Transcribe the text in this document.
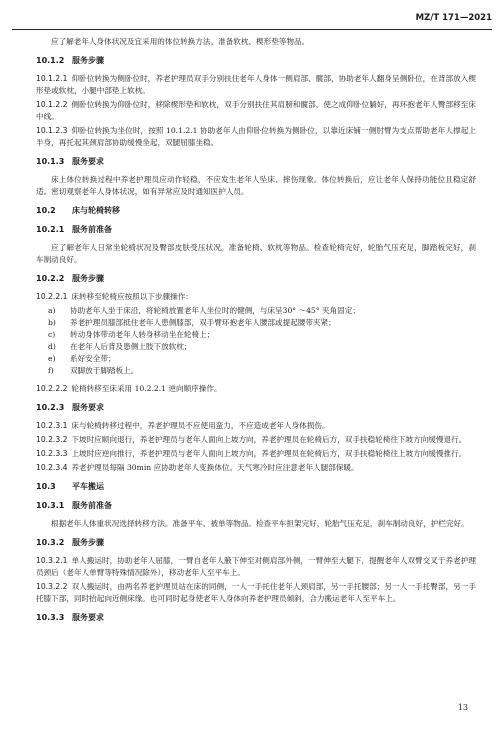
MZ/T 171—2021

应了解老年人身体状况及宜采用的体位转换方法。准备软枕、楔形垫等物品。

10.1.2 服务步骤
10.1.2.1 仰卧位转换为侧卧位时，养老护理员双手分别扶住老年人身体一侧肩部、髋部，协助老年人翻身呈侧卧位，在背部放入楔形垫或软枕，小腿中部垫上软枕。
10.1.2.2 侧卧位转换为仰卧位时，移除楔形垫和软枕，双手分别扶住其肩膀和髋部，使之成仰卧位躺好，再环抱老年人臀部移至床中线。
10.1.2.3 仰卧位转换为坐位时，按照 10.1.2.1 协助老年人由仰卧位转换为侧卧位，以靠近床铺一侧肘臂为支点帮助老年人撑起上半身，再托起其颈肩部协助缓慢坐起，双腿屈膝坐稳。
10.1.3 服务要求

床上体位转换过程中养老护理员应动作轻稳，不应发生老年人坠床、摔伤现象。体位转换后，应让老年人保持功能位且稳定舒适。密切观察老年人身体状况，如有异常应及时通知医护人员。

10.2 床与轮椅转移
10.2.1 服务前准备

应了解老年人日常坐轮椅状况及臀部皮肤受压状况。准备轮椅、软枕等物品。检查轮椅完好，轮胎气压充足，脚踏板完好，刹车制动良好。

10.2.2 服务步骤
10.2.2.1 床转移至轮椅应按照以下步骤操作：
a) 协助老年人坐于床沿，将轮椅放置老年人坐位时的健侧，与床呈30° ～45° 夹角固定；
b) 养老护理员膝部抵住老年人患侧膝部，双手臂环抱老年人腰部或提起腰带夹紧；
c) 转动身体带动老年人转身移动坐在轮椅上；
d) 在老年人后背及患侧上肢下放软枕；
e) 系好安全带；
f) 双脚放于脚踏板上。
10.2.2.2 轮椅转移至床采用 10.2.2.1 逆向顺序操作。
10.2.3 服务要求
10.2.3.1 床与轮椅转移过程中，养老护理员不应使用蛮力，不应造成老年人身体损伤。
10.2.3.2 下坡时应顺向退行，养老护理员与老年人面向上坡方向，养老护理员在轮椅后方，双手扶稳轮椅往下坡方向缓慢退行。
10.2.3.3 上坡时应逆向推行，养老护理员与老年人面向上坡方向，养老护理员在轮椅后方，双手扶稳轮椅往上坡方向缓慢推行。
10.2.3.4 养老护理员每隔 30min 应协助老年人变换体位。天气寒冷时应注意老年人腿部保暖。
10.3 平车搬运
10.3.1 服务前准备

根据老年人体重状况选择转移方法。准备平车、被单等物品。检查平车担架完好，轮胎气压充足，刹车制动良好，护栏完好。

10.3.2 服务步骤
10.3.2.1 单人搬运时，协助老年人屈膝，一臂自老年人腋下伸至对侧肩部外侧，一臂伸至大腿下，提醒老年人双臂交叉于养老护理员颈后（老年人单臂等特殊情况除外），移动老年人至平车上。
10.3.2.2 双人搬运时，由两名养老护理员站在床的同侧，一人一手托住老年人颈肩部，另一手托腰部；另一人一手托臀部，另一手托膝下部，同时抬起向近侧床缘。也可同时起身使老年人身体向养老护理员倾斜，合力搬运老年人至平车上。
10.3.3 服务要求
13
